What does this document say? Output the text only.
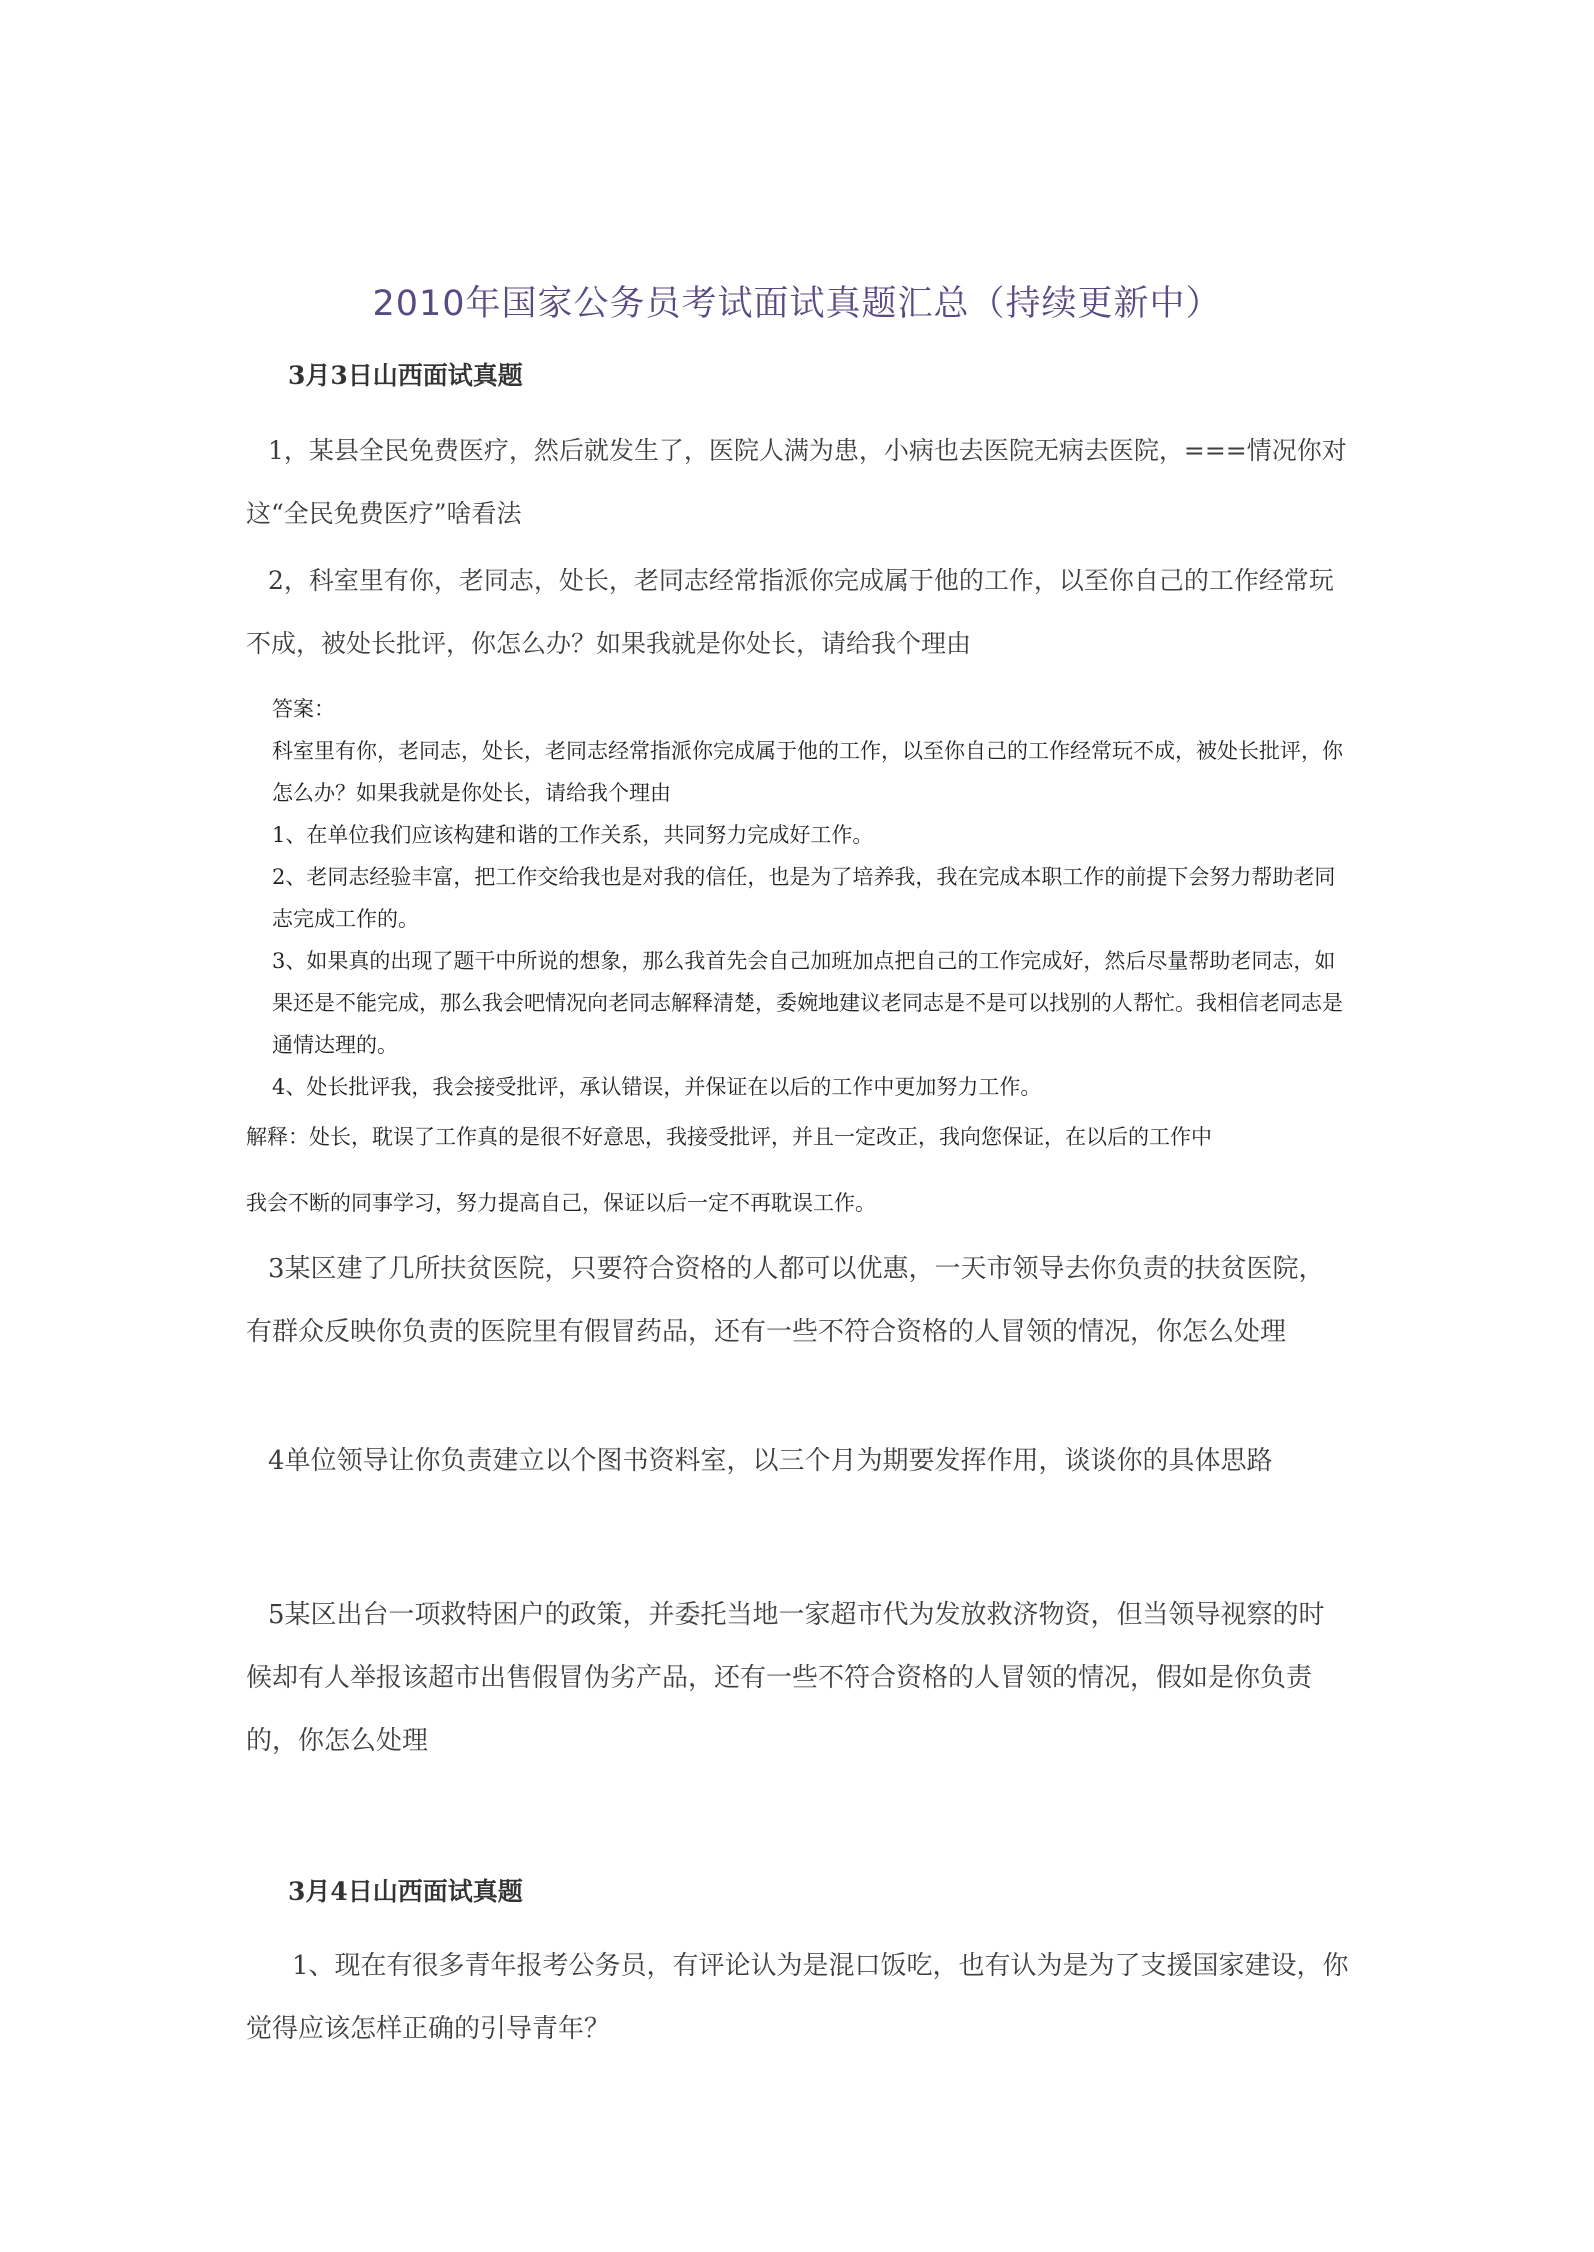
2010年国家公务员考试面试真题汇总（持续更新中）
3月3日山西面试真题

1，某县全民免费医疗，然后就发生了，医院人满为患，小病也去医院无病去医院，===情况你对这“全民免费医疗”啥看法

2，科室里有你，老同志，处长，老同志经常指派你完成属于他的工作，以至你自己的工作经常玩不成，被处长批评，你怎么办？如果我就是你处长，请给我个理由

答案：
科室里有你，老同志，处长，老同志经常指派你完成属于他的工作，以至你自己的工作经常玩不成，被处长批评，你怎么办？如果我就是你处长，请给我个理由
1、在单位我们应该构建和谐的工作关系，共同努力完成好工作。
2、老同志经验丰富，把工作交给我也是对我的信任，也是为了培养我，我在完成本职工作的前提下会努力帮助老同志完成工作的。
3、如果真的出现了题干中所说的想象，那么我首先会自己加班加点把自己的工作完成好，然后尽量帮助老同志，如果还是不能完成，那么我会吧情况向老同志解释清楚，委婉地建议老同志是不是可以找别的人帮忙。我相信老同志是通情达理的。
4、处长批评我，我会接受批评，承认错误，并保证在以后的工作中更加努力工作。
解释：处长，耽误了工作真的是很不好意思，我接受批评，并且一定改正，我向您保证，在以后的工作中
我会不断的同事学习，努力提高自己，保证以后一定不再耽误工作。

3某区建了几所扶贫医院，只要符合资格的人都可以优惠，一天市领导去你负责的扶贫医院，有群众反映你负责的医院里有假冒药品，还有一些不符合资格的人冒领的情况，你怎么处理

4单位领导让你负责建立以个图书资料室，以三个月为期要发挥作用，谈谈你的具体思路

5某区出台一项救特困户的政策，并委托当地一家超市代为发放救济物资，但当领导视察的时候却有人举报该超市出售假冒伪劣产品，还有一些不符合资格的人冒领的情况，假如是你负责的，你怎么处理

3月4日山西面试真题

1、现在有很多青年报考公务员，有评论认为是混口饭吃，也有认为是为了支援国家建设，你觉得应该怎样正确的引导青年？
